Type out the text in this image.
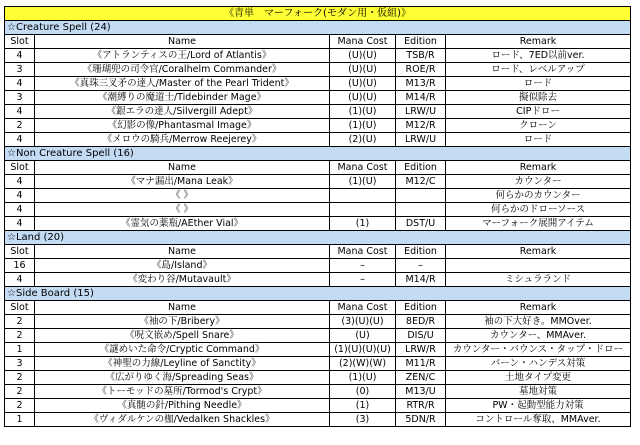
《青単　マーフォーク(モダン用・仮組)》				
☆Creature Spell (24)				
Slot	Name	Mana Cost	Edition	Remark
4	《アトランティスの王/Lord of Atlantis》	(U)(U)	TSB/R	ロード、7ED以前ver.
3	《珊瑚兜の司令官/Coralhelm Commander》	(U)(U)	ROE/R	ロード、レベルアップ
4	《真珠三叉矛の達人/Master of the Pearl Trident》	(U)(U)	M13/R	ロード
3	《潮縛りの魔道士/Tidebinder Mage》	(U)(U)	M14/R	擬似除去
4	《銀エラの達人/Silvergill Adept》	(1)(U)	LRW/U	CIPドロー
2	《幻影の像/Phantasmal Image》	(1)(U)	M12/R	クローン
4	《メロウの騎兵/Merrow Reejerey》	(2)(U)	LRW/U	ロード
☆Non Creature Spell (16)				
Slot	Name	Mana Cost	Edition	Remark
4	《マナ漏出/Mana Leak》	(1)(U)	M12/C	カウンター
4	《 》			何らかのカウンター
4	《 》			何らかのドローソース
4	《霊気の薬瓶/AEther Vial》	(1)	DST/U	マーフォーク展開アイテム
☆Land (20)				
Slot	Name	Mana Cost	Edition	Remark
16	《島/Island》	–	–	
4	《変わり谷/Mutavault》	–	M14/R	ミシュラランド
☆Side Board (15)				
Slot	Name	Mana Cost	Edition	Remark
2	《袖の下/Bribery》	(3)(U)(U)	8ED/R	袖の下大好き。MMOver.
2	《呪文嵌め/Spell Snare》	(U)	DIS/U	カウンター、MMAver.
1	《謎めいた命令/Cryptic Command》	(1)(U)(U)(U)	LRW/R	カウンター・バウンス・タップ・ドロー
3	《神聖の力線/Leyline of Sanctity》	(2)(W)(W)	M11/R	バーン・ハンデス対策
2	《広がりゆく海/Spreading Seas》	(1)(U)	ZEN/C	土地タイプ変更
2	《トーモッドの墓所/Tormod's Crypt》	(0)	M13/U	墓地対策
2	《真髄の針/Pithing Needle》	(1)	RTR/R	PW・起動型能力対策
1	《ヴィダルケンの枷/Vedalken Shackles》	(3)	5DN/R	コントロール奪取、MMAver.
